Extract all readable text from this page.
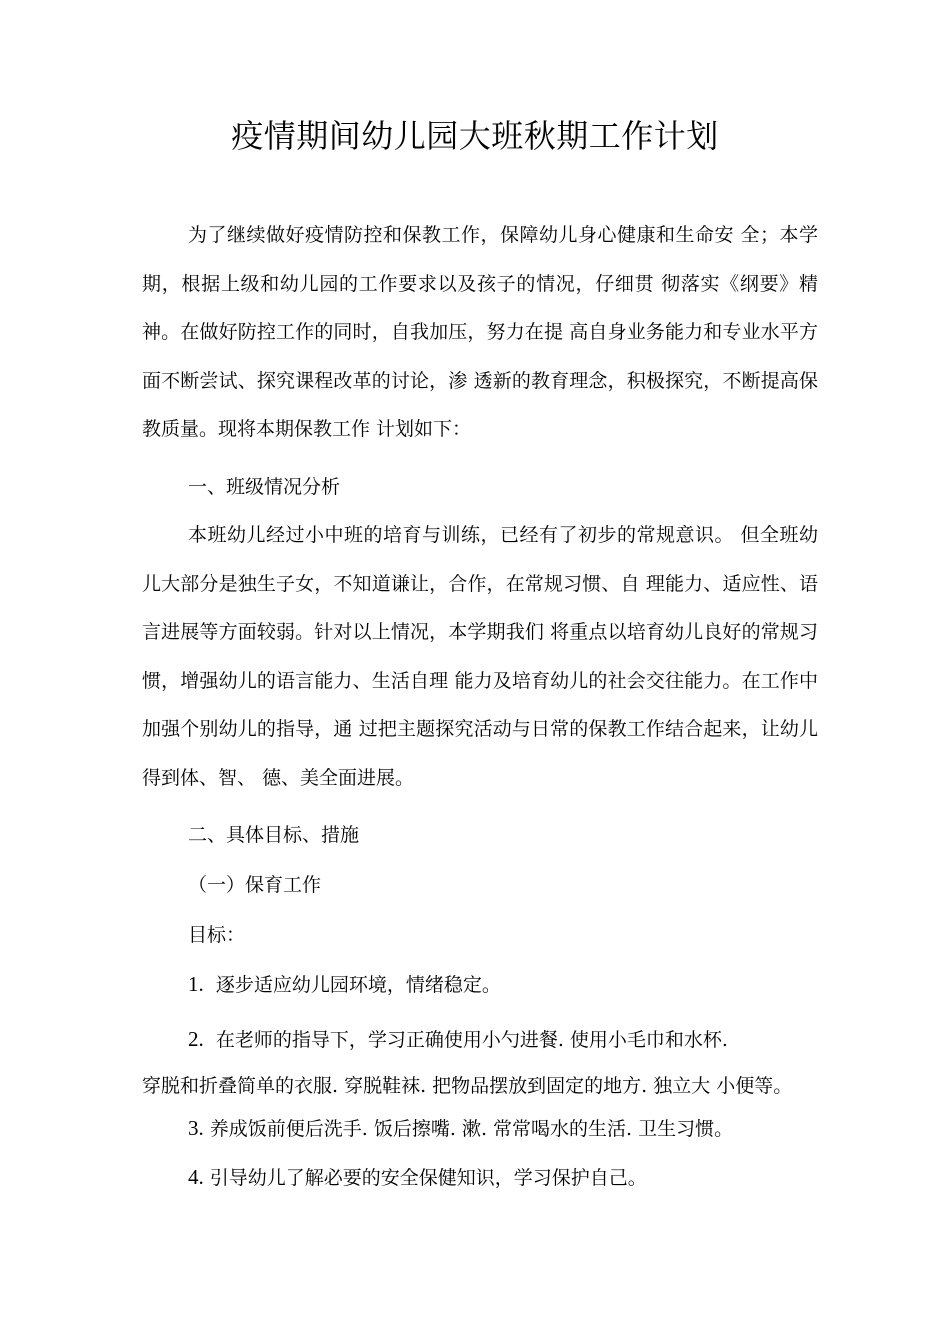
疫情期间幼儿园大班秋期工作计划

为了继续做好疫情防控和保教工作，保障幼儿身心健康和生命安 全；本学期，根据上级和幼儿园的工作要求以及孩子的情况，仔细贯 彻落实《纲要》精神。在做好防控工作的同时，自我加压，努力在提 高自身业务能力和专业水平方面不断尝试、探究课程改革的讨论，渗 透新的教育理念，积极探究，不断提高保教质量。现将本期保教工作 计划如下：

一、班级情况分析

本班幼儿经过小中班的培育与训练，已经有了初步的常规意识。 但全班幼儿大部分是独生子女，不知道谦让，合作，在常规习惯、自 理能力、适应性、语言进展等方面较弱。针对以上情况，本学期我们 将重点以培育幼儿良好的常规习惯，增强幼儿的语言能力、生活自理 能力及培育幼儿的社会交往能力。在工作中加强个别幼儿的指导，通 过把主题探究活动与日常的保教工作结合起来，让幼儿得到体、智、 德、美全面进展。

二、具体目标、措施
（一）保育工作
目标：
1. 逐步适应幼儿园环境，情绪稳定。
2. 在老师的指导下，学习正确使用小勺进餐. 使用小毛巾和水杯.
穿脱和折叠简单的衣服. 穿脱鞋袜. 把物品摆放到固定的地方. 独立大 小便等。
3. 养成饭前便后洗手. 饭后擦嘴. 漱. 常常喝水的生活. 卫生习惯。
4. 引导幼儿了解必要的安全保健知识，学习保护自己。
